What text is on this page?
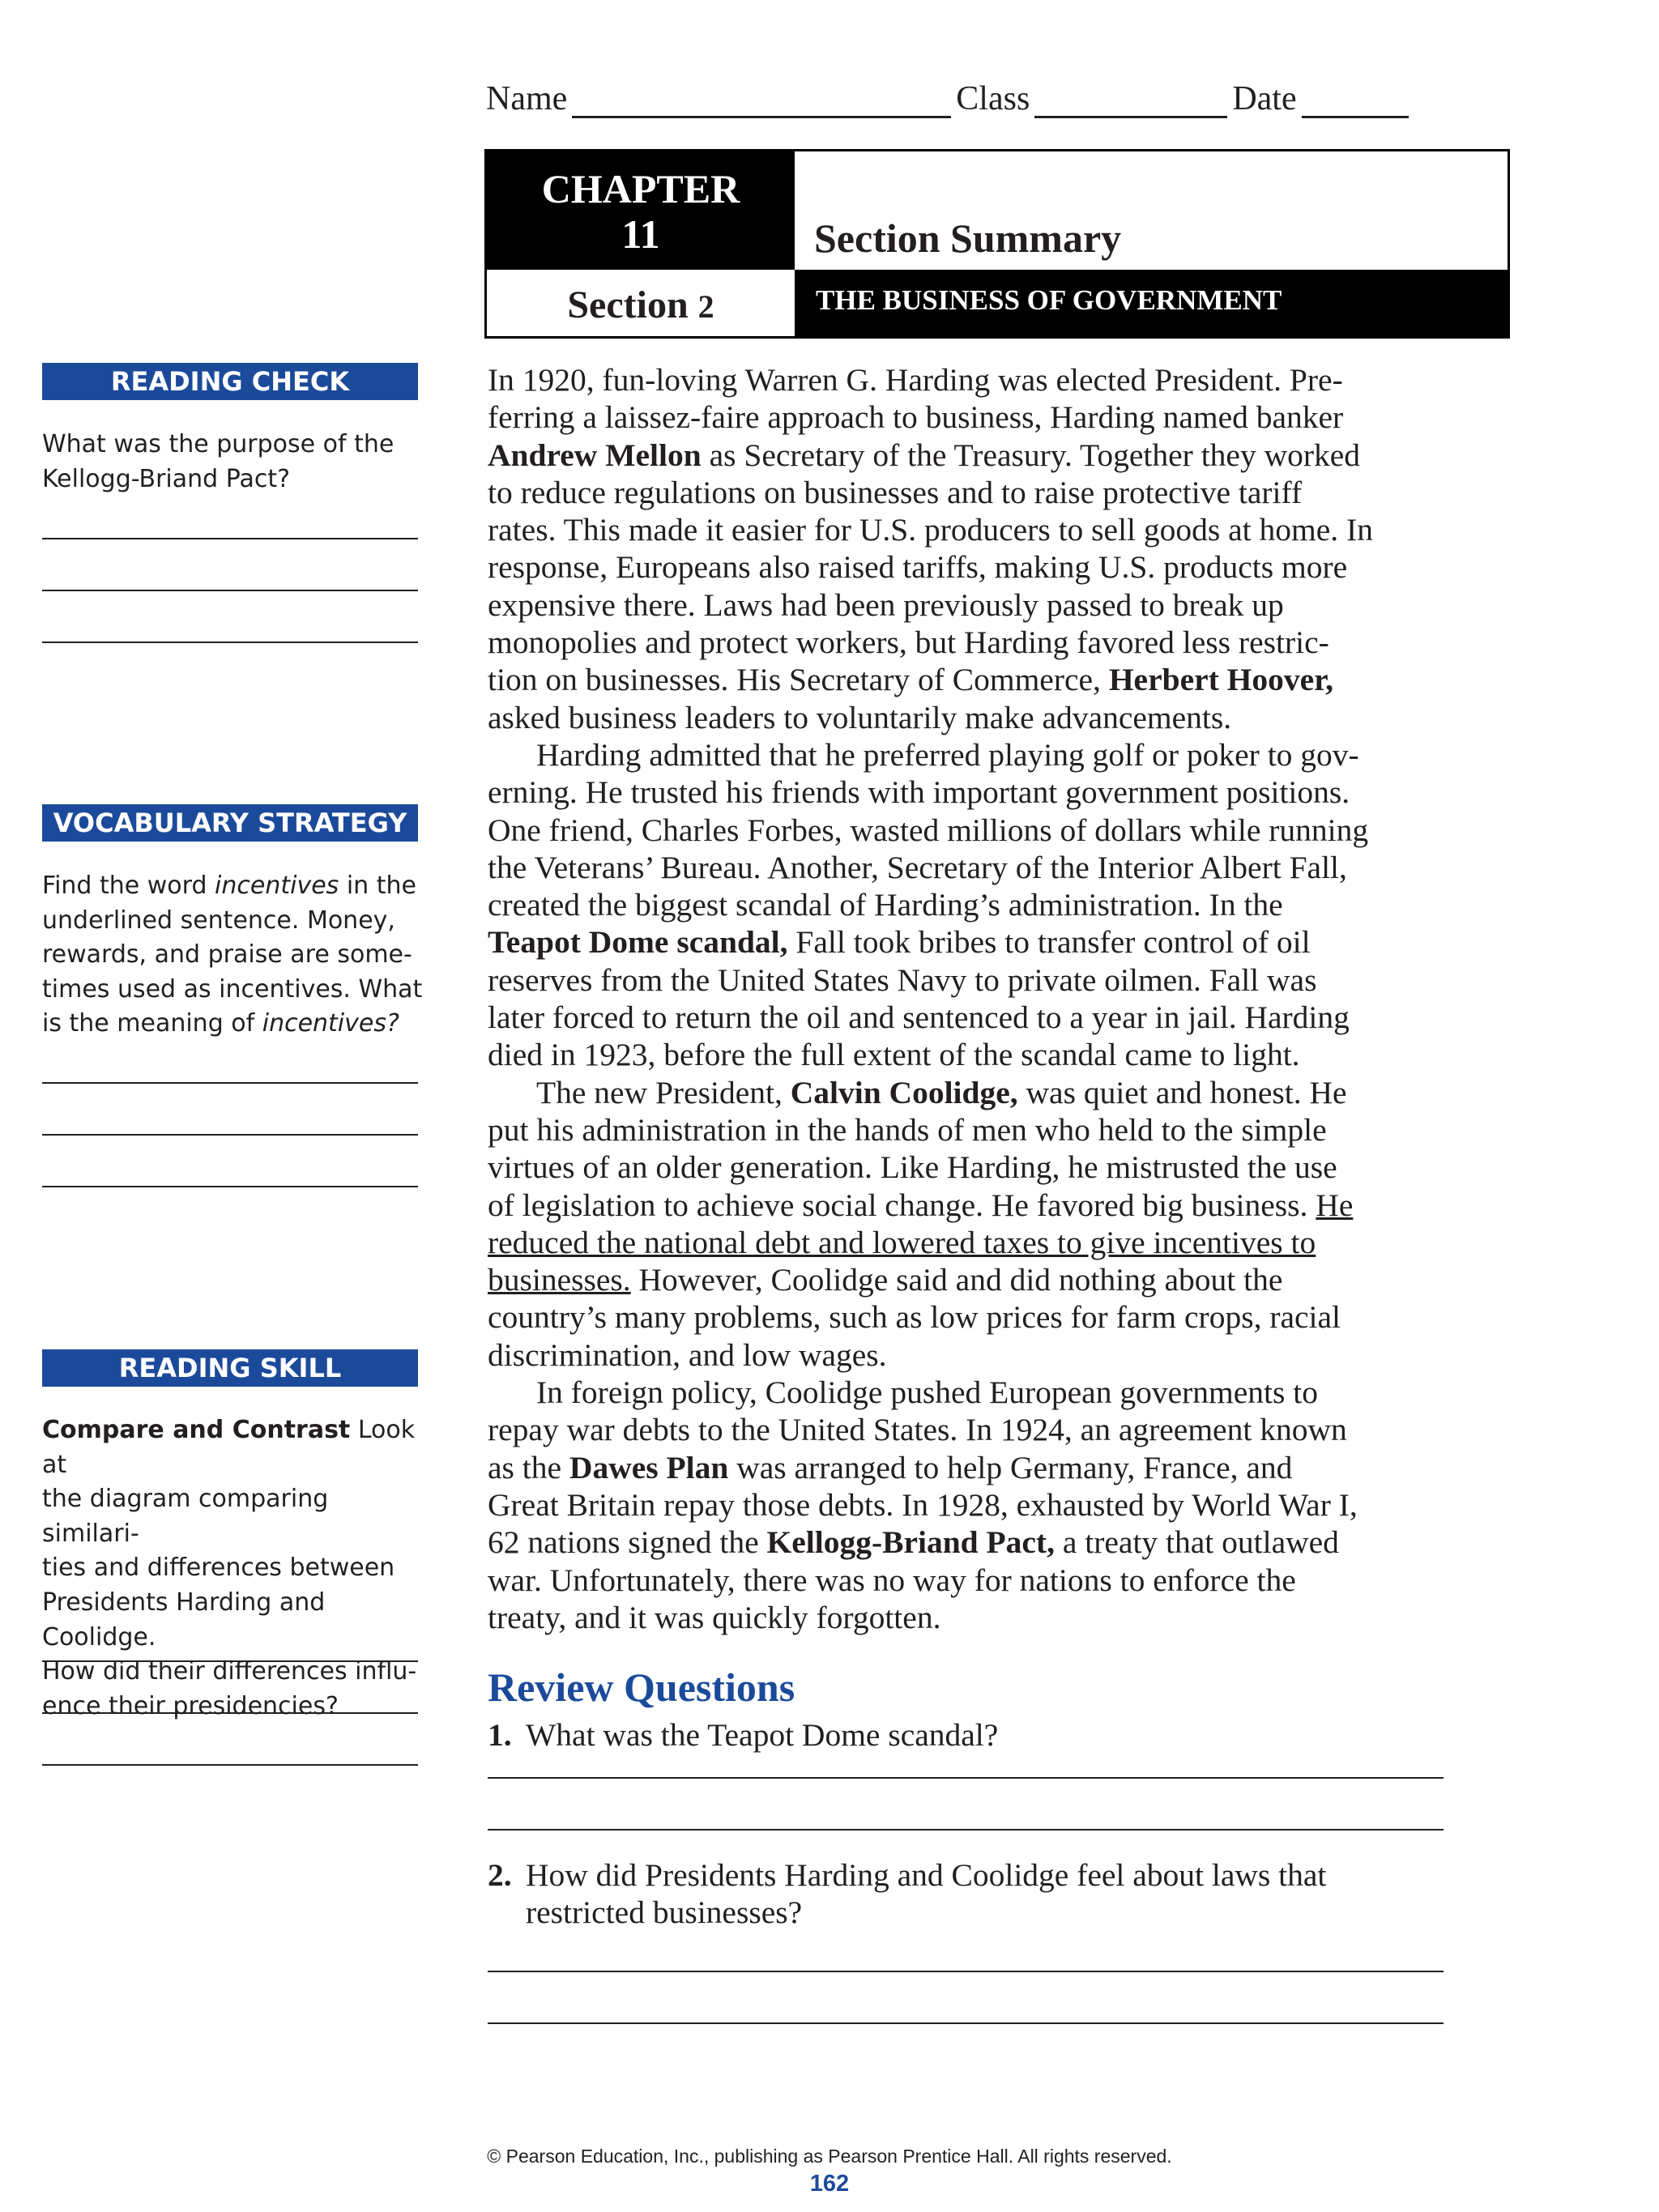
Name	Class	Date
CHAPTER
11	Section Summary
Section 2	THE BUSINESS OF GOVERNMENT
READING CHECK
What was the purpose of the
Kellogg-Briand Pact?
VOCABULARY STRATEGY
Find the word incentives in the
underlined sentence. Money,
rewards, and praise are some-
times used as incentives. What
is the meaning of incentives?
READING SKILL
Compare and Contrast Look at
the diagram comparing similari-
ties and differences between
Presidents Harding and Coolidge.
How did their differences influ-
ence their presidencies?

In 1920, fun-loving Warren G. Harding was elected President. Pre-
ferring a laissez-faire approach to business, Harding named banker
Andrew Mellon as Secretary of the Treasury. Together they worked
to reduce regulations on businesses and to raise protective tariff
rates. This made it easier for U.S. producers to sell goods at home. In
response, Europeans also raised tariffs, making U.S. products more
expensive there. Laws had been previously passed to break up
monopolies and protect workers, but Harding favored less restric-
tion on businesses. His Secretary of Commerce, Herbert Hoover,
asked business leaders to voluntarily make advancements.

Harding admitted that he preferred playing golf or poker to gov-
erning. He trusted his friends with important government positions.
One friend, Charles Forbes, wasted millions of dollars while running
the Veterans’ Bureau. Another, Secretary of the Interior Albert Fall,
created the biggest scandal of Harding’s administration. In the
Teapot Dome scandal, Fall took bribes to transfer control of oil
reserves from the United States Navy to private oilmen. Fall was
later forced to return the oil and sentenced to a year in jail. Harding
died in 1923, before the full extent of the scandal came to light.

The new President, Calvin Coolidge, was quiet and honest. He
put his administration in the hands of men who held to the simple
virtues of an older generation. Like Harding, he mistrusted the use
of legislation to achieve social change. He favored big business. He
reduced the national debt and lowered taxes to give incentives to
businesses. However, Coolidge said and did nothing about the
country’s many problems, such as low prices for farm crops, racial
discrimination, and low wages.

In foreign policy, Coolidge pushed European governments to
repay war debts to the United States. In 1924, an agreement known
as the Dawes Plan was arranged to help Germany, France, and
Great Britain repay those debts. In 1928, exhausted by World War I,
62 nations signed the Kellogg-Briand Pact, a treaty that outlawed
war. Unfortunately, there was no way for nations to enforce the
treaty, and it was quickly forgotten.

Review Questions
1. What was the Teapot Dome scandal?
2. How did Presidents Harding and Coolidge feel about laws that
restricted businesses?
© Pearson Education, Inc., publishing as Pearson Prentice Hall. All rights reserved.
162
